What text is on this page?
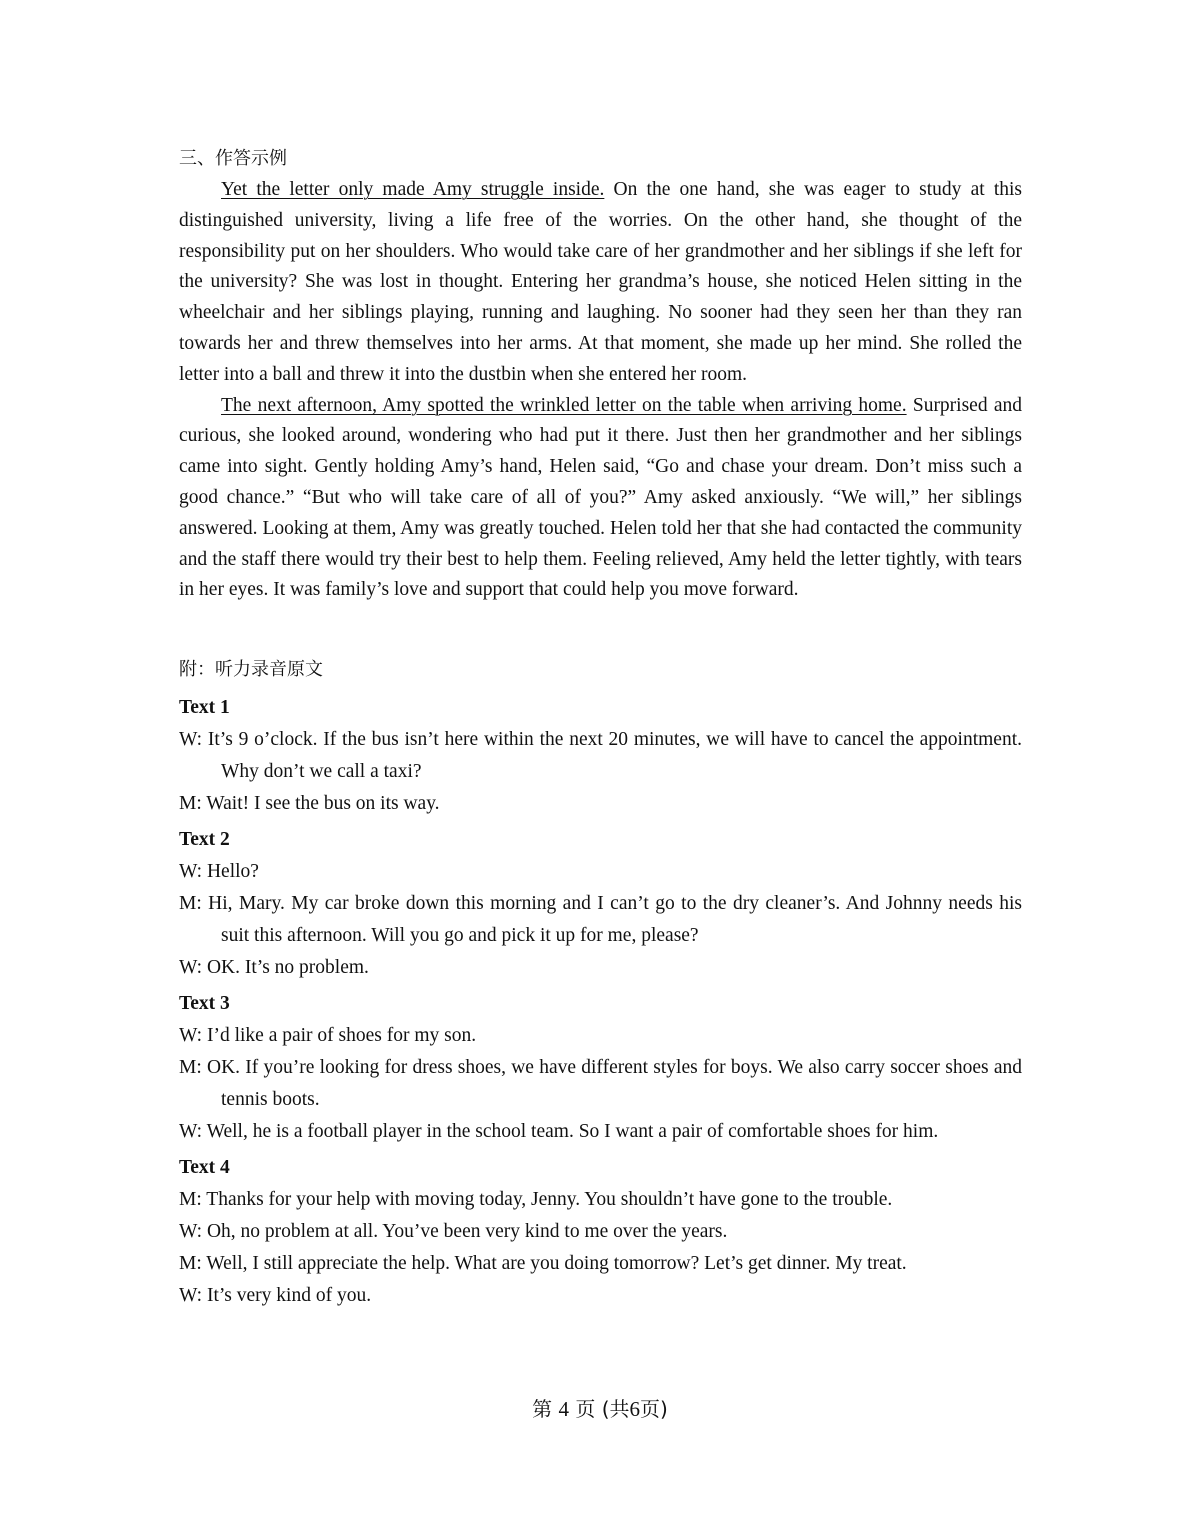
三、作答示例

Yet the letter only made Amy struggle inside. On the one hand, she was eager to study at this distinguished university, living a life free of the worries. On the other hand, she thought of the responsibility put on her shoulders. Who would take care of her grandmother and her siblings if she left for the university? She was lost in thought. Entering her grandma’s house, she noticed Helen sitting in the wheelchair and her siblings playing, running and laughing. No sooner had they seen her than they ran towards her and threw themselves into her arms. At that moment, she made up her mind. She rolled the letter into a ball and threw it into the dustbin when she entered her room.

The next afternoon, Amy spotted the wrinkled letter on the table when arriving home. Surprised and curious, she looked around, wondering who had put it there. Just then her grandmother and her siblings came into sight. Gently holding Amy’s hand, Helen said, “Go and chase your dream. Don’t miss such a good chance.” “But who will take care of all of you?” Amy asked anxiously. “We will,” her siblings answered. Looking at them, Amy was greatly touched. Helen told her that she had contacted the community and the staff there would try their best to help them. Feeling relieved, Amy held the letter tightly, with tears in her eyes. It was family’s love and support that could help you move forward.

附：听力录音原文
Text 1

W: It’s 9 o’clock. If the bus isn’t here within the next 20 minutes, we will have to cancel the appointment. Why don’t we call a taxi?

M: Wait! I see the bus on its way.

Text 2

W: Hello?

M: Hi, Mary. My car broke down this morning and I can’t go to the dry cleaner’s. And Johnny needs his suit this afternoon. Will you go and pick it up for me, please?

W: OK. It’s no problem.

Text 3

W: I’d like a pair of shoes for my son.

M: OK. If you’re looking for dress shoes, we have different styles for boys. We also carry soccer shoes and tennis boots.

W: Well, he is a football player in the school team. So I want a pair of comfortable shoes for him.

Text 4

M: Thanks for your help with moving today, Jenny. You shouldn’t have gone to the trouble.

W: Oh, no problem at all. You’ve been very kind to me over the years.

M: Well, I still appreciate the help. What are you doing tomorrow? Let’s get dinner. My treat.

W: It’s very kind of you.

第 4 页 (共6页)
